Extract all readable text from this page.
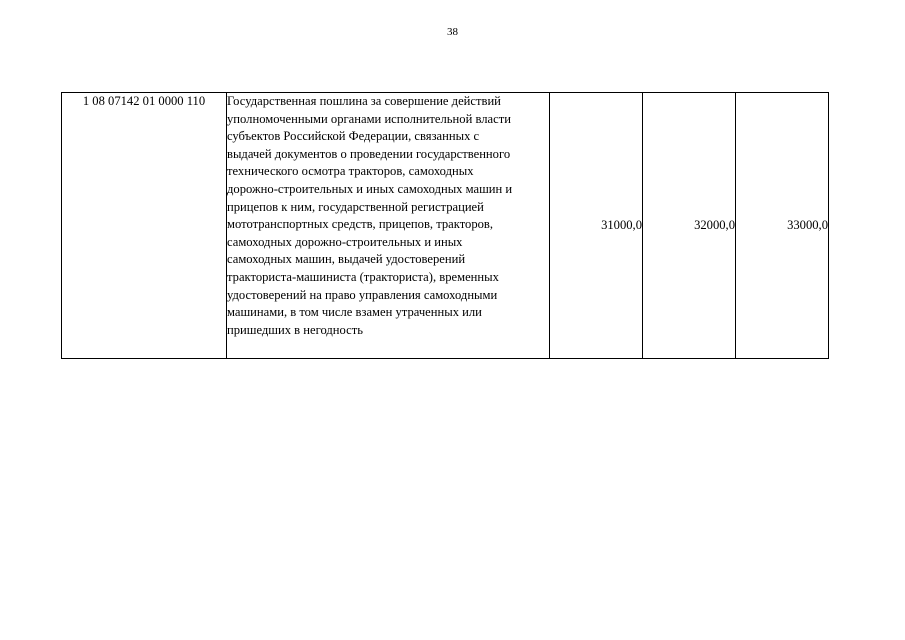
38
1 08 07142 01 0000 110	Государственная пошлина за совершение действий
уполномоченными органами исполнительной власти
субъектов Российской Федерации, связанных с
выдачей документов о проведении государственного
технического осмотра тракторов, самоходных
дорожно-строительных и иных самоходных машин и
прицепов к ним, государственной регистрацией
мототранспортных средств, прицепов, тракторов,
самоходных дорожно-строительных и иных
самоходных машин, выдачей удостоверений
тракториста-машиниста (тракториста), временных
удостоверений на право управления самоходными
машинами, в том числе взамен утраченных или
пришедших в негодность
	31000,0	32000,0	33000,0
